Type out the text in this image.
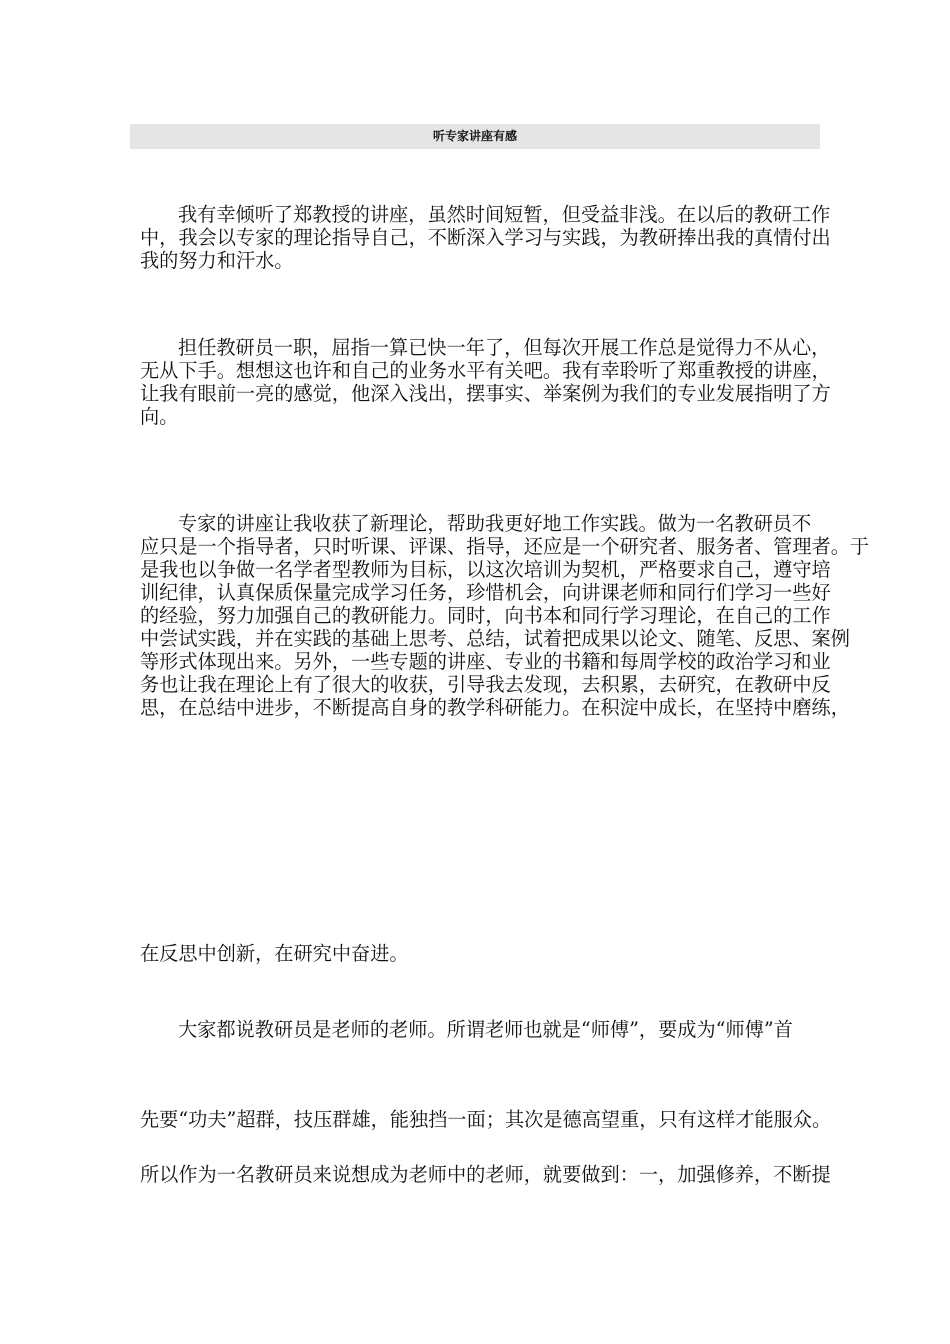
听专家讲座有感
我有幸倾听了郑教授的讲座，虽然时间短暂，但受益非浅。在以后的教研工作
中，我会以专家的理论指导自己，不断深入学习与实践，为教研捧出我的真情付出
我的努力和汗水。
担任教研员一职，屈指一算已快一年了，但每次开展工作总是觉得力不从心，
无从下手。想想这也许和自己的业务水平有关吧。我有幸聆听了郑重教授的讲座，
让我有眼前一亮的感觉，他深入浅出，摆事实、举案例为我们的专业发展指明了方
向。
专家的讲座让我收获了新理论，帮助我更好地工作实践。做为一名教研员不
应只是一个指导者，只时听课、评课、指导，还应是一个研究者、服务者、管理者。于
是我也以争做一名学者型教师为目标，以这次培训为契机，严格要求自己，遵守培
训纪律，认真保质保量完成学习任务，珍惜机会，向讲课老师和同行们学习一些好
的经验，努力加强自己的教研能力。同时，向书本和同行学习理论，在自己的工作
中尝试实践，并在实践的基础上思考、总结，试着把成果以论文、随笔、反思、案例
等形式体现出来。另外，一些专题的讲座、专业的书籍和每周学校的政治学习和业
务也让我在理论上有了很大的收获，引导我去发现，去积累，去研究，在教研中反
思，在总结中进步，不断提高自身的教学科研能力。在积淀中成长，在坚持中磨练，
在反思中创新，在研究中奋进。
大家都说教研员是老师的老师。所谓老师也就是“师傅”，要成为“师傅”首
先要“功夫”超群，技压群雄，能独挡一面；其次是德高望重，只有这样才能服众。
所以作为一名教研员来说想成为老师中的老师，就要做到：一，加强修养，不断提
